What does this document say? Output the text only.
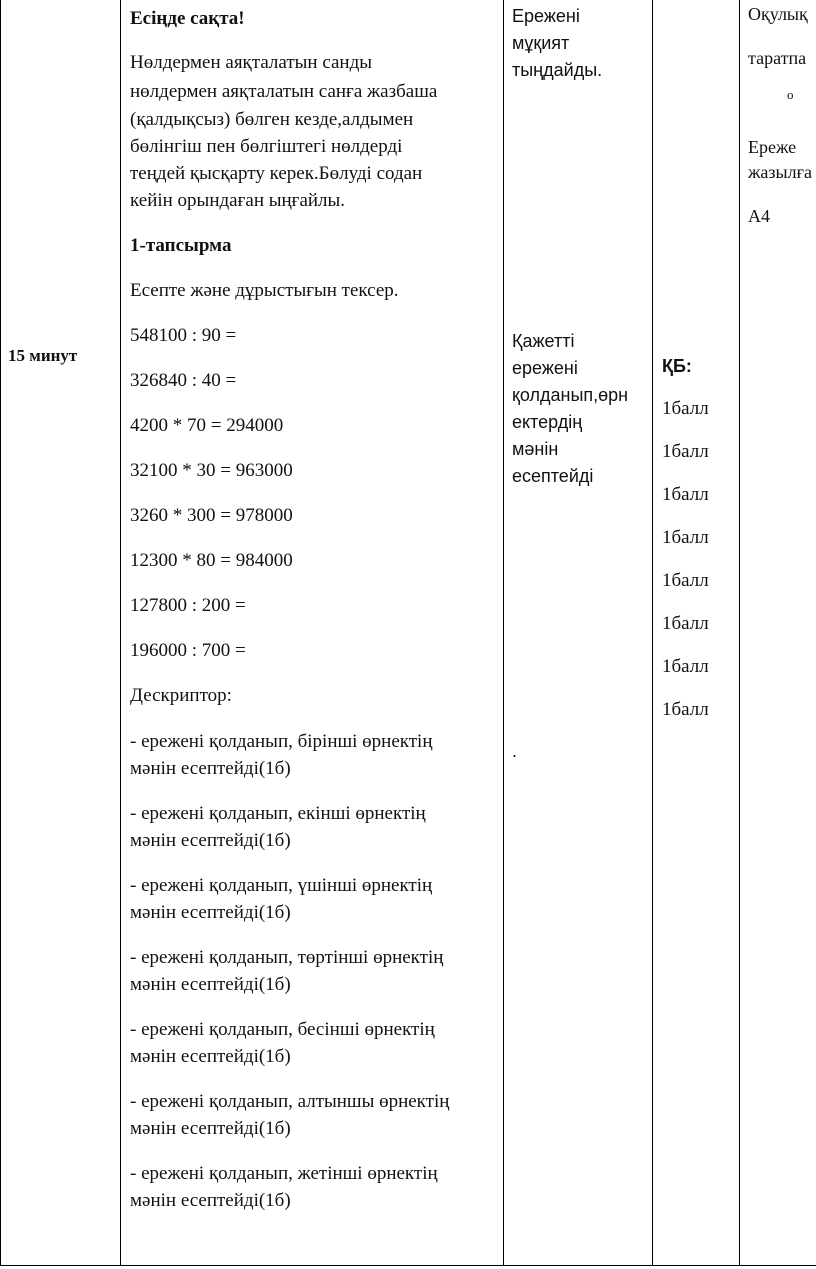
15 минут
Есіңде сақта!
Нөлдермен аяқталатын санды
нөлдермен аяқталатын санға жазбаша
(қалдықсыз) бөлген кезде,алдымен
бөлінгіш пен бөлгіштегі нөлдерді
теңдей қысқарту керек.Бөлуді содан
кейін орындаған ыңғайлы.
1-тапсырма
Есепте және дұрыстығын тексер.
548100 : 90 =
326840 : 40 =
4200 * 70 = 294000
32100 * 30 = 963000
3260 * 300 = 978000
12300 * 80 = 984000
127800 : 200 =
196000 : 700 =
Дескриптор:
- ережені қолданып, бірінші өрнектің
мәнін есептейді(1б)
- ережені қолданып, екінші өрнектің
мәнін есептейді(1б)
- ережені қолданып, үшінші өрнектің
мәнін есептейді(1б)
- ережені қолданып, төртінші өрнектің
мәнін есептейді(1б)
- ережені қолданып, бесінші өрнектің
мәнін есептейді(1б)
- ережені қолданып, алтыншы өрнектің
мәнін есептейді(1б)
- ережені қолданып, жетінші өрнектің
мәнін есептейді(1б)
Ережені
мұқият
тыңдайды.
Қажетті
ережені
қолданып,өрн
ектердің
мәнін
есептейді
.
ҚБ:
1балл
1балл
1балл
1балл
1балл
1балл
1балл
1балл
Оқулық
таратпа
о
Ереже
жазылға
А4
